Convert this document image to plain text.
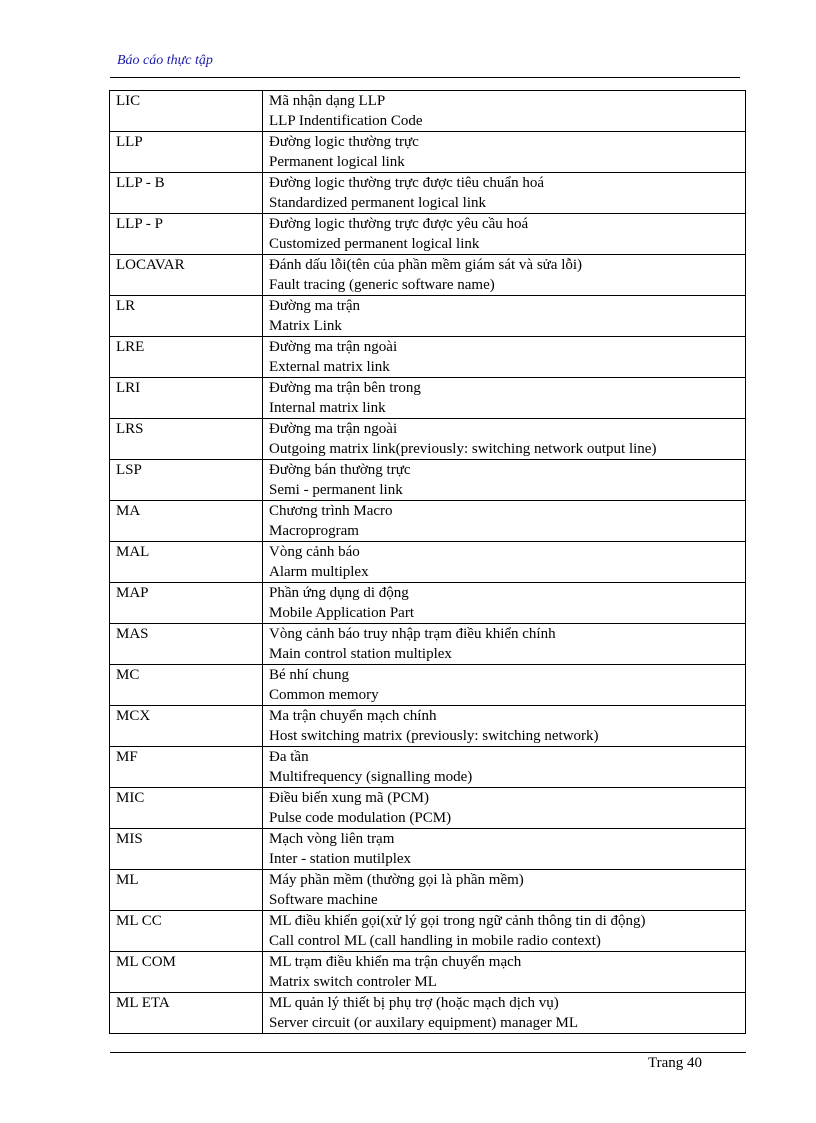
Báo cáo thực tập
LIC	Mã nhận dạng LLP
LLP Indentification Code

LLP	Đường logic thường trực
Permanent logical link

LLP - B	Đường logic thường trực được tiêu chuẩn hoá
Standardized permanent logical link

LLP - P	Đường logic thường trực được yêu cầu hoá
Customized permanent logical link

LOCAVAR	Đánh dấu lỗi(tên của phần mềm giám sát và sửa lỗi)
Fault tracing (generic software name)

LR	Đường ma trận
Matrix Link

LRE	Đường ma trận ngoài
External matrix link

LRI	Đường ma trận bên trong
Internal matrix link

LRS	Đường ma trận ngoài
Outgoing matrix link(previously: switching network output line)

LSP	Đường bán thường trực
Semi - permanent link

MA	Chương trình Macro
Macroprogram

MAL	Vòng cảnh báo
Alarm multiplex

MAP	Phần ứng dụng di động
Mobile Application Part

MAS	Vòng cảnh báo truy nhập trạm điều khiển chính
Main control station multiplex

MC	Bé nhí chung
Common memory

MCX	Ma trận chuyển mạch chính
Host switching matrix (previously: switching network)

MF	Đa tần
Multifrequency (signalling mode)

MIC	Điều biến xung mã (PCM)
Pulse code modulation (PCM)

MIS	Mạch vòng liên trạm
Inter - station mutilplex

ML	Máy phần mềm (thường gọi là phần mềm)
Software machine

ML CC	ML điều khiển gọi(xử lý gọi trong ngữ cảnh thông tin di động)
Call control ML (call handling in mobile radio context)

ML COM	ML trạm điều khiển ma trận chuyển mạch
Matrix switch controler ML

ML ETA	ML quản lý thiết bị phụ trợ (hoặc mạch dịch vụ)
Server circuit (or auxilary equipment) manager ML
Trang 40
